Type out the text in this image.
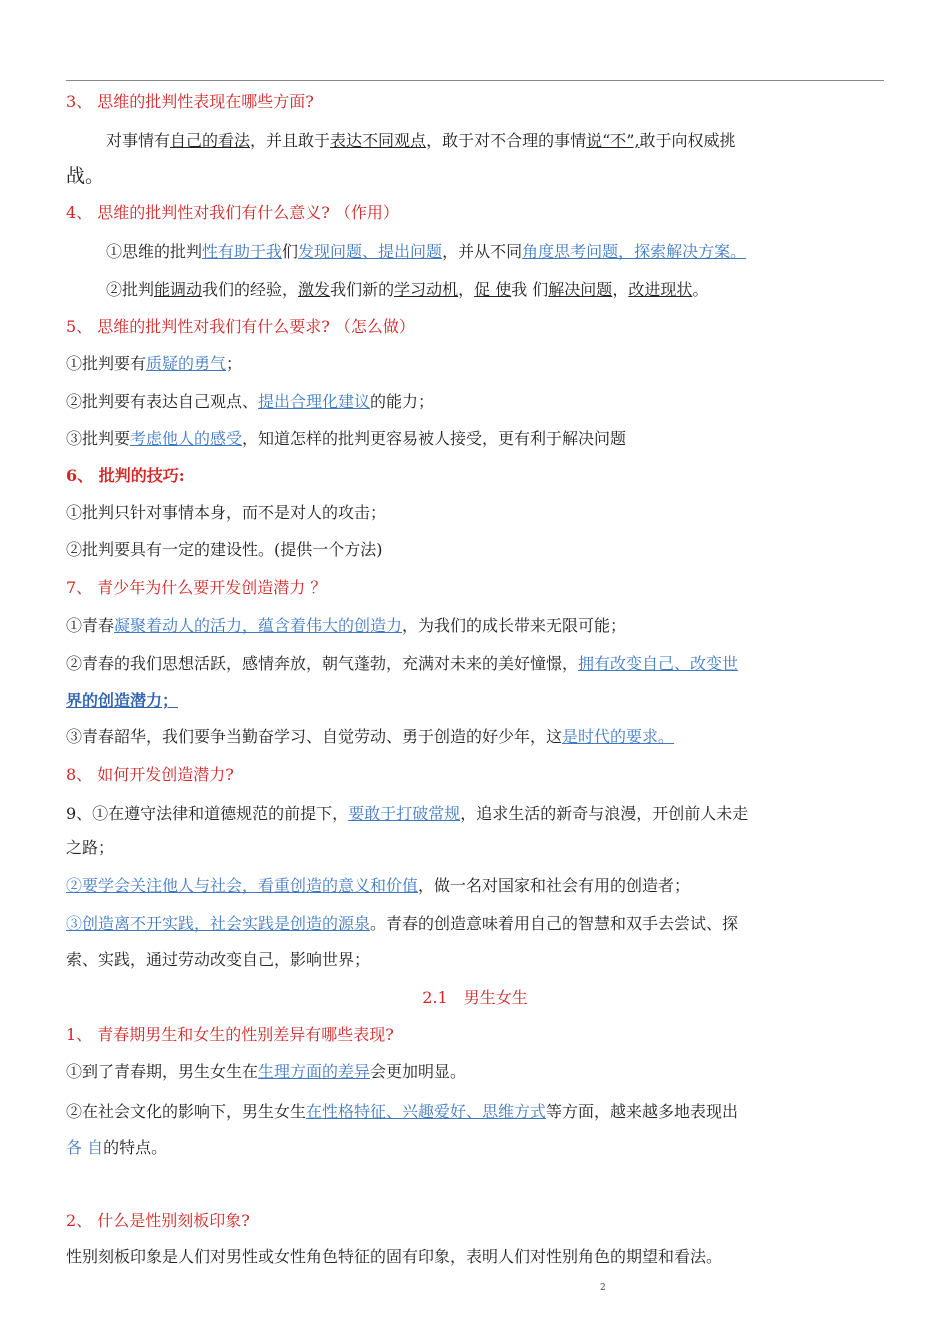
3、 思维的批判性表现在哪些方面?
对事情有自己的看法，并且敢于表达不同观点，敢于对不合理的事情说“不”,敢于向权威挑
战。
4、 思维的批判性对我们有什么意义? （作用）
①思维的批判性有助于我们发现问题、提出问题，并从不同角度思考问题，探索解决方案。
②批判能调动我们的经验，激发我们新的学习动机，促 使我 们解决问题，改进现状。
5、 思维的批判性对我们有什么要求? （怎么做）
①批判要有质疑的勇气；
②批判要有表达自己观点、提出合理化建议的能力；
③批判要考虑他人的感受，知道怎样的批判更容易被人接受，更有利于解决问题
6、 批判的技巧:
①批判只针对事情本身，而不是对人的攻击；
②批判要具有一定的建设性。(提供一个方法)
7、 青少年为什么要开发创造潜力 ？
①青春凝聚着动人的活力，蕴含着伟大的创造力，为我们的成长带来无限可能；
②青春的我们思想活跃，感情奔放，朝气蓬勃，充满对未来的美好憧憬，拥有改变自己、改变世
界的创造潜力；
③青春韶华，我们要争当勤奋学习、自觉劳动、勇于创造的好少年，这是时代的要求。
8、 如何开发创造潜力?
9、①在遵守法律和道德规范的前提下，要敢于打破常规，追求生活的新奇与浪漫，开创前人未走
之路；
②要学会关注他人与社会，看重创造的意义和价值，做一名对国家和社会有用的创造者；
③创造离不开实践，社会实践是创造的源泉。青春的创造意味着用自己的智慧和双手去尝试、探
索、实践，通过劳动改变自己，影响世界；
2.1　男生女生
1、 青春期男生和女生的性别差异有哪些表现?
①到了青春期，男生女生在生理方面的差异会更加明显。
②在社会文化的影响下，男生女生在性格特征、兴趣爱好、思维方式等方面，越来越多地表现出
各 自的特点。
2、 什么是性别刻板印象?
性别刻板印象是人们对男性或女性角色特征的固有印象，表明人们对性别角色的期望和看法。
2
